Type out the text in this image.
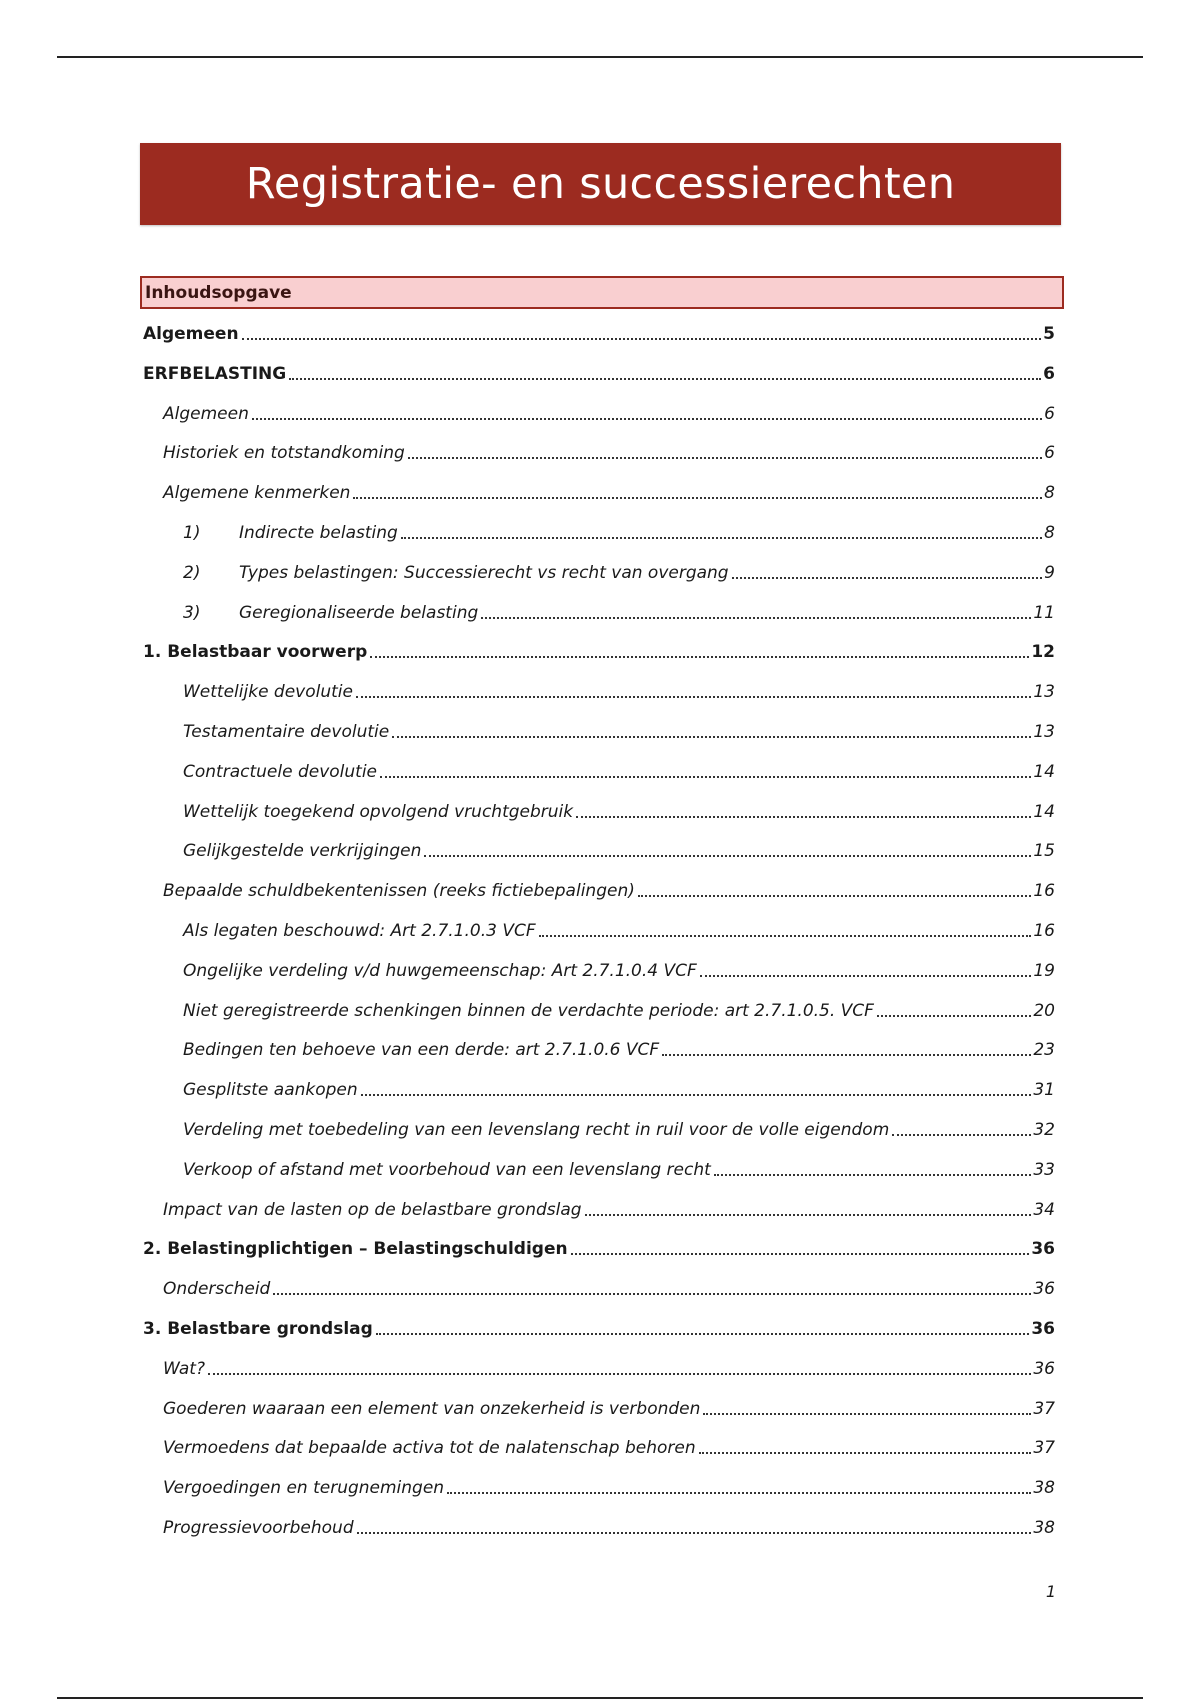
Registratie- en successierechten
Inhoudsopgave
Algemeen	5
ERFBELASTING	6
Algemeen	6
Historiek en totstandkoming	6
Algemene kenmerken	8
1)	Indirecte belasting	8
2)	Types belastingen: Successierecht vs recht van overgang	9
3)	Geregionaliseerde belasting	11
1. Belastbaar voorwerp	12
Wettelijke devolutie	13
Testamentaire devolutie	13
Contractuele devolutie	14
Wettelijk toegekend opvolgend vruchtgebruik	14
Gelijkgestelde verkrijgingen	15
Bepaalde schuldbekentenissen (reeks fictiebepalingen)	16
Als legaten beschouwd: Art 2.7.1.0.3 VCF	16
Ongelijke verdeling v/d huwgemeenschap: Art 2.7.1.0.4 VCF	19
Niet geregistreerde schenkingen binnen de verdachte periode: art 2.7.1.0.5. VCF	20
Bedingen ten behoeve van een derde: art 2.7.1.0.6 VCF	23
Gesplitste aankopen	31
Verdeling met toebedeling van een levenslang recht in ruil voor de volle eigendom	32
Verkoop of afstand met voorbehoud van een levenslang recht	33
Impact van de lasten op de belastbare grondslag	34
2. Belastingplichtigen – Belastingschuldigen	36
Onderscheid	36
3. Belastbare grondslag	36
Wat?	36
Goederen waaraan een element van onzekerheid is verbonden	37
Vermoedens dat bepaalde activa tot de nalatenschap behoren	37
Vergoedingen en terugnemingen	38
Progressievoorbehoud	38
1
